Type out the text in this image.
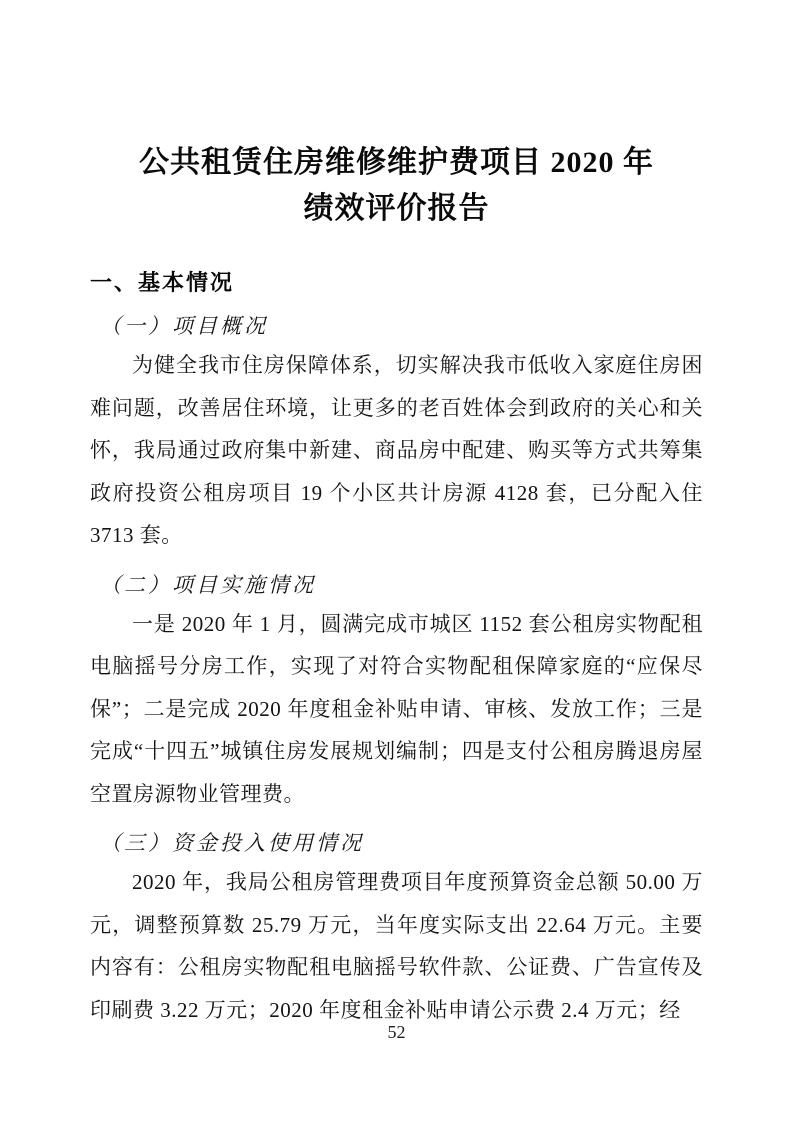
公共租赁住房维修维护费项目 2020 年
绩效评价报告
一、基本情况
（一）项目概况

为健全我市住房保障体系，切实解决我市低收入家庭住房困难问题，改善居住环境，让更多的老百姓体会到政府的关心和关怀，我局通过政府集中新建、商品房中配建、购买等方式共筹集政府投资公租房项目 19 个小区共计房源 4128 套，已分配入住 3713 套。

（二）项目实施情况

一是 2020 年 1 月，圆满完成市城区 1152 套公租房实物配租电脑摇号分房工作，实现了对符合实物配租保障家庭的“应保尽保”；二是完成 2020 年度租金补贴申请、审核、发放工作；三是完成“十四五”城镇住房发展规划编制；四是支付公租房腾退房屋空置房源物业管理费。

（三）资金投入使用情况

2020 年，我局公租房管理费项目年度预算资金总额 50.00 万元，调整预算数 25.79 万元，当年度实际支出 22.64 万元。主要内容有：公租房实物配租电脑摇号软件款、公证费、广告宣传及印刷费 3.22 万元；2020 年度租金补贴申请公示费 2.4 万元；经

52
